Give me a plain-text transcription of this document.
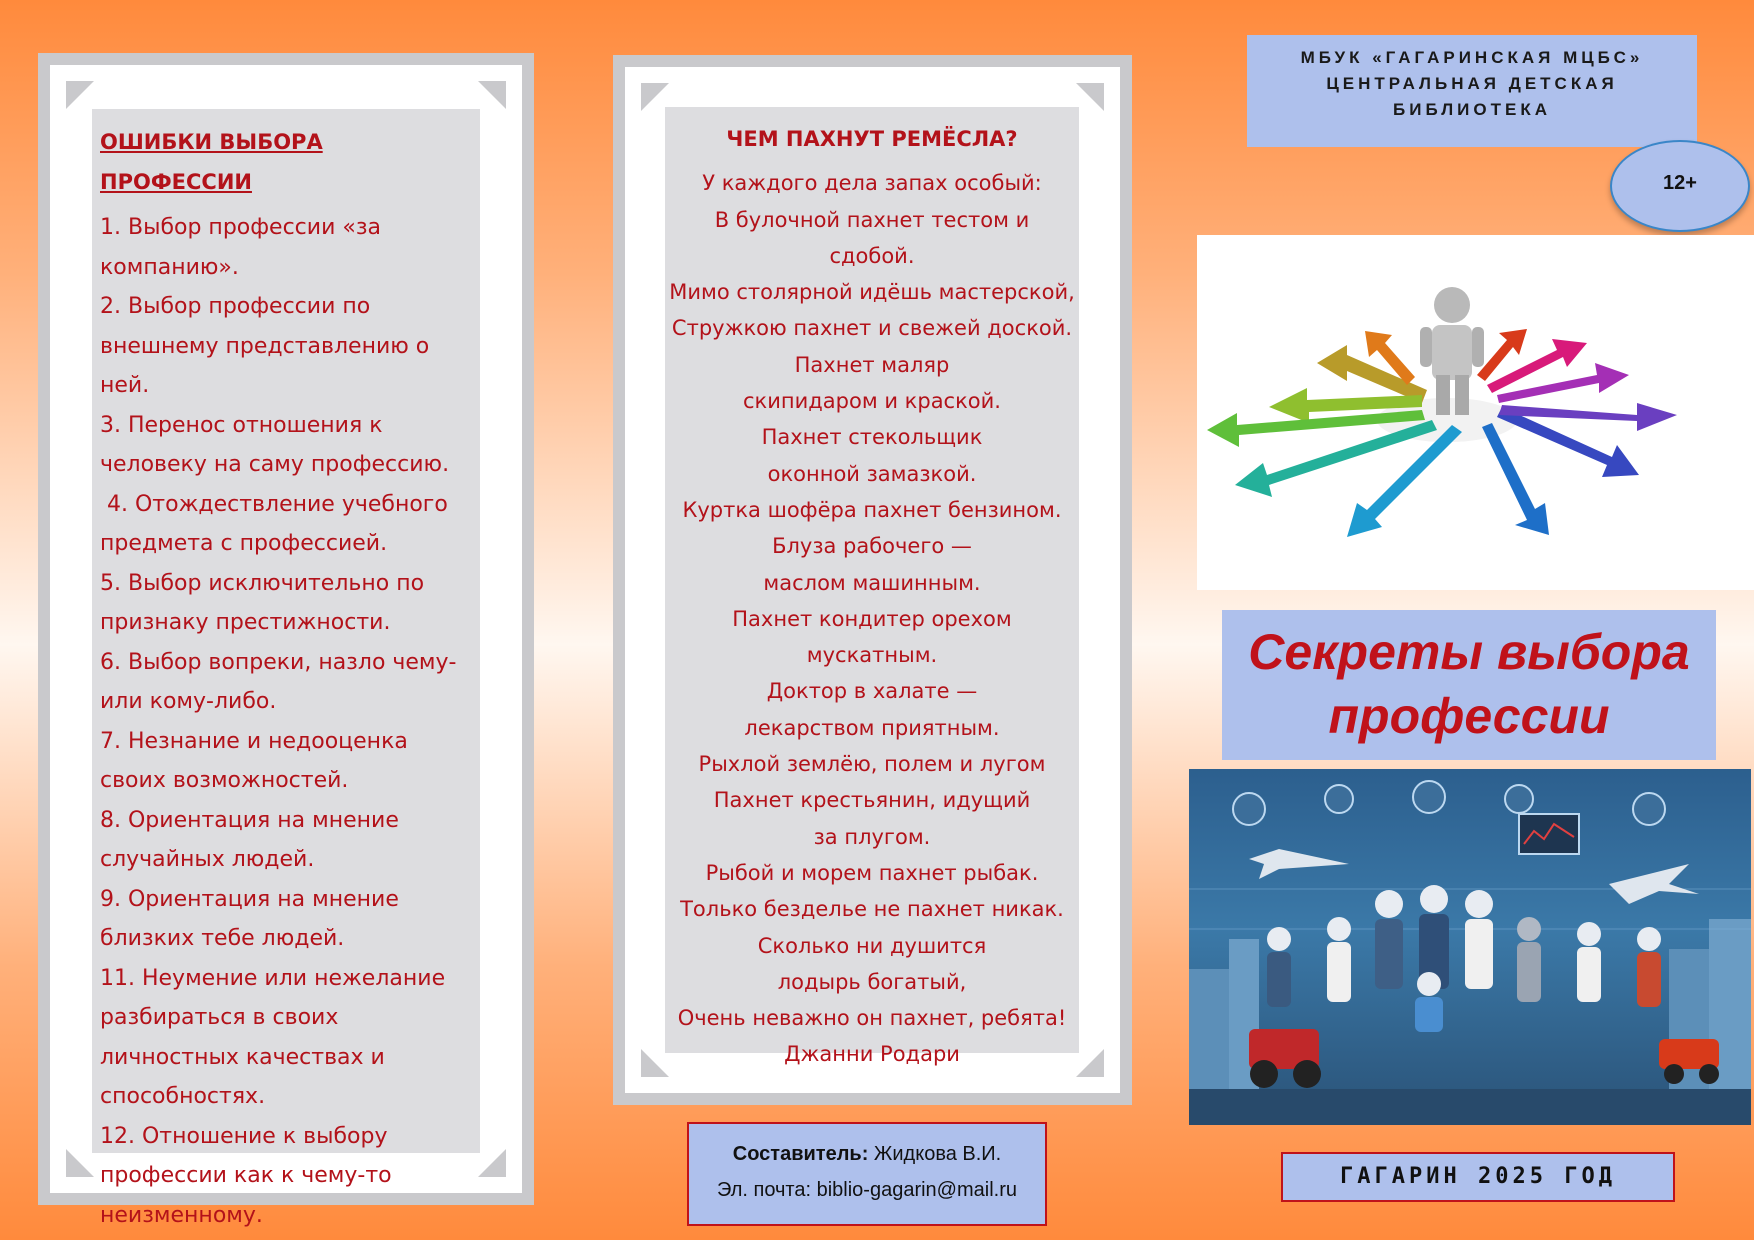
ОШИБКИ ВЫБОРА ПРОФЕССИИ
1. Выбор профессии «за компанию».
2. Выбор профессии по внешнему представлению о ней.
3. Перенос отношения к человеку на саму профессию.
4. Отождествление учебного предмета с профессией.
5. Выбор исключительно по признаку престижности.
6. Выбор вопреки, назло чему-или кому-либо.
7. Незнание и недооценка своих возможностей.
8. Ориентация на мнение случайных людей.
9. Ориентация на мнение близких тебе людей.
11. Неумение или нежелание разбираться в своих личностных качествах и способностях.
12. Отношение к выбору профессии как к чему-то неизменному.
ЧЕМ ПАХНУТ РЕМЁСЛА?
У каждого дела запах особый:
В булочной пахнет тестом и сдобой.
Мимо столярной идёшь мастерской,
Стружкою пахнет и свежей доской.
Пахнет маляр скипидаром и краской.
Пахнет стекольщик оконной замазкой.
Куртка шофёра пахнет бензином.
Блуза рабочего — маслом машинным.
Пахнет кондитер орехом мускатным.
Доктор в халате — лекарством приятным.
Рыхлой землёю, полем и лугом
Пахнет крестьянин, идущий за плугом.
Рыбой и морем пахнет рыбак.
Только безделье не пахнет никак.
Сколько ни душится лодырь богатый,
Очень неважно он пахнет, ребята!
Джанни Родари
Составитель: Жидкова В.И.
Эл. почта: biblio-gagarin@mail.ru
МБУК «ГАГАРИНСКАЯ МЦБС»
ЦЕНТРАЛЬНАЯ ДЕТСКАЯ
БИБЛИОТЕКА
12+
Секреты выбора
профессии
ГАГАРИН 2025 ГОД
